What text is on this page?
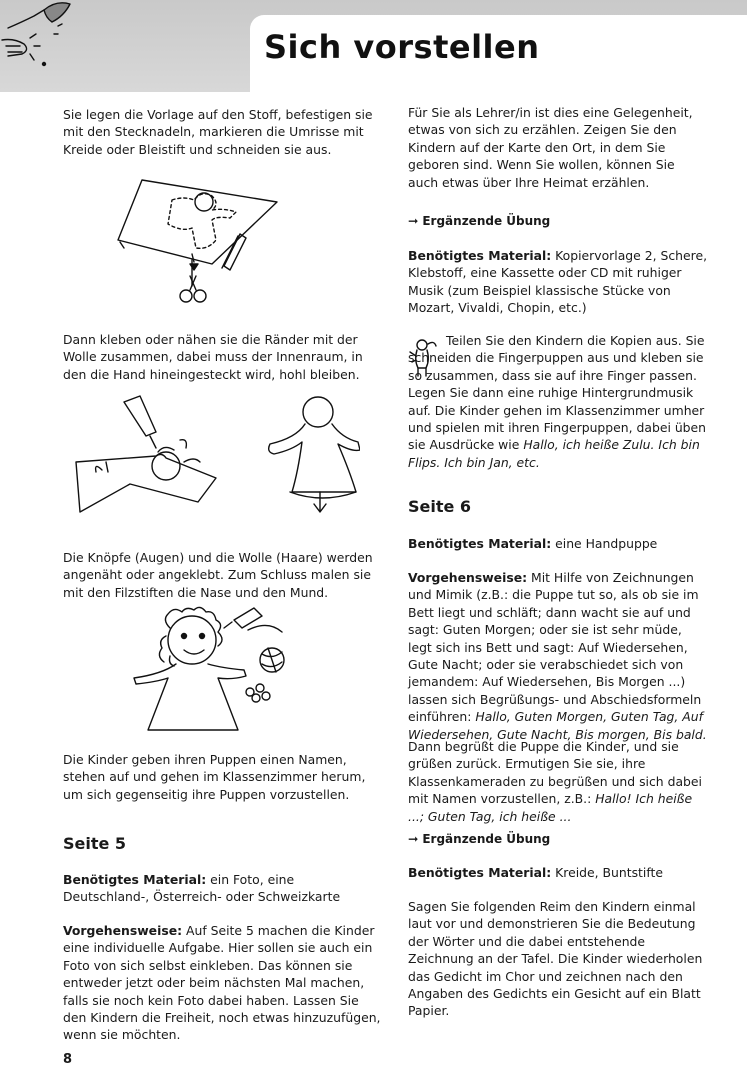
Sich vorstellen

Sie legen die Vorlage auf den Stoff, befestigen sie mit den Stecknadeln, markieren die Umrisse mit Kreide oder Bleistift und schneiden sie aus.

Dann kleben oder nähen sie die Ränder mit der Wolle zusammen, dabei muss der Innenraum, in den die Hand hineingesteckt wird, hohl bleiben.

Die Knöpfe (Augen) und die Wolle (Haare) werden angenäht oder angeklebt. Zum Schluss malen sie mit den Filzstiften die Nase und den Mund.

Die Kinder geben ihren Puppen einen Namen, stehen auf und gehen im Klassenzimmer herum, um sich gegenseitig ihre Puppen vorzustellen.

Seite 5

Benötigtes Material: ein Foto, eine Deutschland-, Österreich- oder Schweizkarte

Vorgehensweise: Auf Seite 5 machen die Kinder eine individuelle Aufgabe. Hier sollen sie auch ein Foto von sich selbst einkleben. Das können sie entweder jetzt oder beim nächsten Mal machen, falls sie noch kein Foto dabei haben. Lassen Sie den Kindern die Freiheit, noch etwas hinzuzufügen, wenn sie möchten.

8

Für Sie als Lehrer/in ist dies eine Gelegenheit, etwas von sich zu erzählen. Zeigen Sie den Kindern auf der Karte den Ort, in dem Sie geboren sind. Wenn Sie wollen, können Sie auch etwas über Ihre Heimat erzählen.

➞ Ergänzende Übung

Benötigtes Material: Kopiervorlage 2, Schere, Klebstoff, eine Kassette oder CD mit ruhiger Musik (zum Beispiel klassische Stücke von Mozart, Vivaldi, Chopin, etc.)

Teilen Sie den Kindern die Kopien aus. Sie schneiden die Fingerpuppen aus und kleben sie so zusammen, dass sie auf ihre Finger passen. Legen Sie dann eine ruhige Hintergrundmusik auf. Die Kinder gehen im Klassenzimmer umher und spielen mit ihren Fingerpuppen, dabei üben sie Ausdrücke wie Hallo, ich heiße Zulu. Ich bin Flips. Ich bin Jan, etc.

Seite 6

Benötigtes Material: eine Handpuppe

Vorgehensweise: Mit Hilfe von Zeichnungen und Mimik (z.B.: die Puppe tut so, als ob sie im Bett liegt und schläft; dann wacht sie auf und sagt: Guten Morgen; oder sie ist sehr müde, legt sich ins Bett und sagt: Auf Wiedersehen, Gute Nacht; oder sie verabschiedet sich von jemandem: Auf Wiedersehen, Bis Morgen ...) lassen sich Begrüßungs- und Abschiedsformeln einführen: Hallo, Guten Morgen, Guten Tag, Auf Wiedersehen, Gute Nacht, Bis morgen, Bis bald.

Dann begrüßt die Puppe die Kinder, und sie grüßen zurück. Ermutigen Sie sie, ihre Klassenkameraden zu begrüßen und sich dabei mit Namen vorzustellen, z.B.: Hallo! Ich heiße ...; Guten Tag, ich heiße ...

➞ Ergänzende Übung

Benötigtes Material: Kreide, Buntstifte

Sagen Sie folgenden Reim den Kindern einmal laut vor und demonstrieren Sie die Bedeutung der Wörter und die dabei entstehende Zeichnung an der Tafel. Die Kinder wiederholen das Gedicht im Chor und zeichnen nach den Angaben des Gedichts ein Gesicht auf ein Blatt Papier.
